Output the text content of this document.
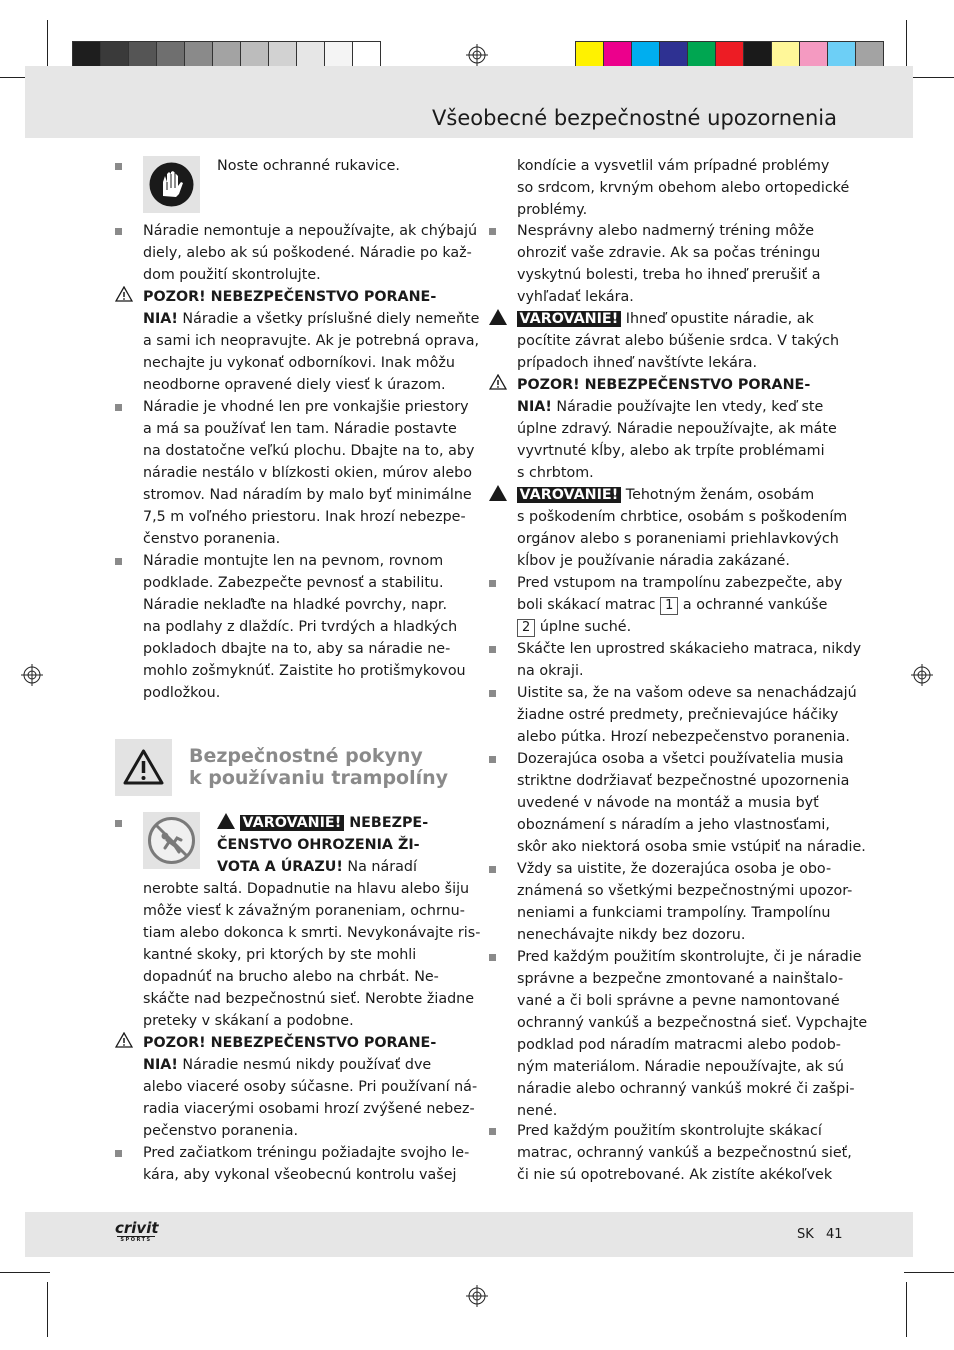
Všeobecné bezpečnostné upozornenia
Noste ochranné rukavice.
Náradie nemontuje a nepoužívajte, ak chýbajú
diely, alebo ak sú poškodené. Náradie po kaž-
dom použití skontrolujte.
POZOR! NEBEZPEČENSTVO PORANE-
NIA! Náradie a všetky príslušné diely nemeňte
a sami ich neopravujte. Ak je potrebná oprava,
nechajte ju vykonať odborníkovi. Inak môžu
neodborne opravené diely viesť k úrazom.
Náradie je vhodné len pre vonkajšie priestory
a má sa používať len tam. Náradie postavte
na dostatočne veľkú plochu. Dbajte na to, aby
náradie nestálo v blízkosti okien, múrov alebo
stromov. Nad náradím by malo byť minimálne
7,5 m voľného priestoru. Inak hrozí nebezpe-
čenstvo poranenia.
Náradie montujte len na pevnom, rovnom
podklade. Zabezpečte pevnosť a stabilitu.
Náradie neklaďte na hladké povrchy, napr.
na podlahy z dlaždíc. Pri tvrdých a hladkých
pokladoch dbajte na to, aby sa náradie ne-
mohlo zošmyknúť. Zaistite ho protišmykovou
podložkou.
Bezpečnostné pokyny
k používaniu trampolíny
VAROVANIE! NEBEZPE-
ČENSTVO OHROZENIA ŽI-
VOTA A ÚRAZU! Na náradí
nerobte saltá. Dopadnutie na hlavu alebo šiju
môže viesť k závažným poraneniam, ochrnu-
tiam alebo dokonca k smrti. Nevykonávajte ris-
kantné skoky, pri ktorých by ste mohli
dopadnúť na brucho alebo na chrbát. Ne-
skáčte nad bezpečnostnú sieť. Nerobte žiadne
preteky v skákaní a podobne.
POZOR! NEBEZPEČENSTVO PORANE-
NIA! Náradie nesmú nikdy používať dve
alebo viaceré osoby súčasne. Pri používaní ná-
radia viacerými osobami hrozí zvýšené nebez-
pečenstvo poranenia.
Pred začiatkom tréningu požiadajte svojho le-
kára, aby vykonal všeobecnú kontrolu vašej
kondície a vysvetlil vám prípadné problémy
so srdcom, krvným obehom alebo ortopedické
problémy.
Nesprávny alebo nadmerný tréning môže
ohroziť vaše zdravie. Ak sa počas tréningu
vyskytnú bolesti, treba ho ihneď prerušiť a
vyhľadať lekára.
VAROVANIE! Ihneď opustite náradie, ak
pocítite závrat alebo búšenie srdca. V takých
prípadoch ihneď navštívte lekára.
POZOR! NEBEZPEČENSTVO PORANE-
NIA! Náradie používajte len vtedy, keď ste
úplne zdravý. Náradie nepoužívajte, ak máte
vyvrtnuté kĺby, alebo ak trpíte problémami
s chrbtom.
VAROVANIE! Tehotným ženám, osobám
s poškodením chrbtice, osobám s poškodením
orgánov alebo s poraneniami priehlavkových
kĺbov je používanie náradia zakázané.
Pred vstupom na trampolínu zabezpečte, aby
boli skákací matrac 1 a ochranné vankúše
2 úplne suché.
Skáčte len uprostred skákacieho matraca, nikdy
na okraji.
Uistite sa, že na vašom odeve sa nenachádzajú
žiadne ostré predmety, prečnievajúce háčiky
alebo pútka. Hrozí nebezpečenstvo poranenia.
Dozerajúca osoba a všetci používatelia musia
striktne dodržiavať bezpečnostné upozornenia
uvedené v návode na montáž a musia byť
oboznámení s náradím a jeho vlastnosťami,
skôr ako niektorá osoba smie vstúpiť na náradie.
Vždy sa uistite, že dozerajúca osoba je obo-
známená so všetkými bezpečnostnými upozor-
neniami a funkciami trampolíny. Trampolínu
nenechávajte nikdy bez dozoru.
Pred každým použitím skontrolujte, či je náradie
správne a bezpečne zmontované a nainštalo-
vané a či boli správne a pevne namontované
ochranný vankúš a bezpečnostná sieť. Vypchajte
podklad pod náradím matracmi alebo podob-
ným materiálom. Náradie nepoužívajte, ak sú
náradie alebo ochranný vankúš mokré či zašpi-
nené.
Pred každým použitím skontrolujte skákací
matrac, ochranný vankúš a bezpečnostnú sieť,
či nie sú opotrebované. Ak zistíte akékoľvek
crivit
SPORTS	SK 41
